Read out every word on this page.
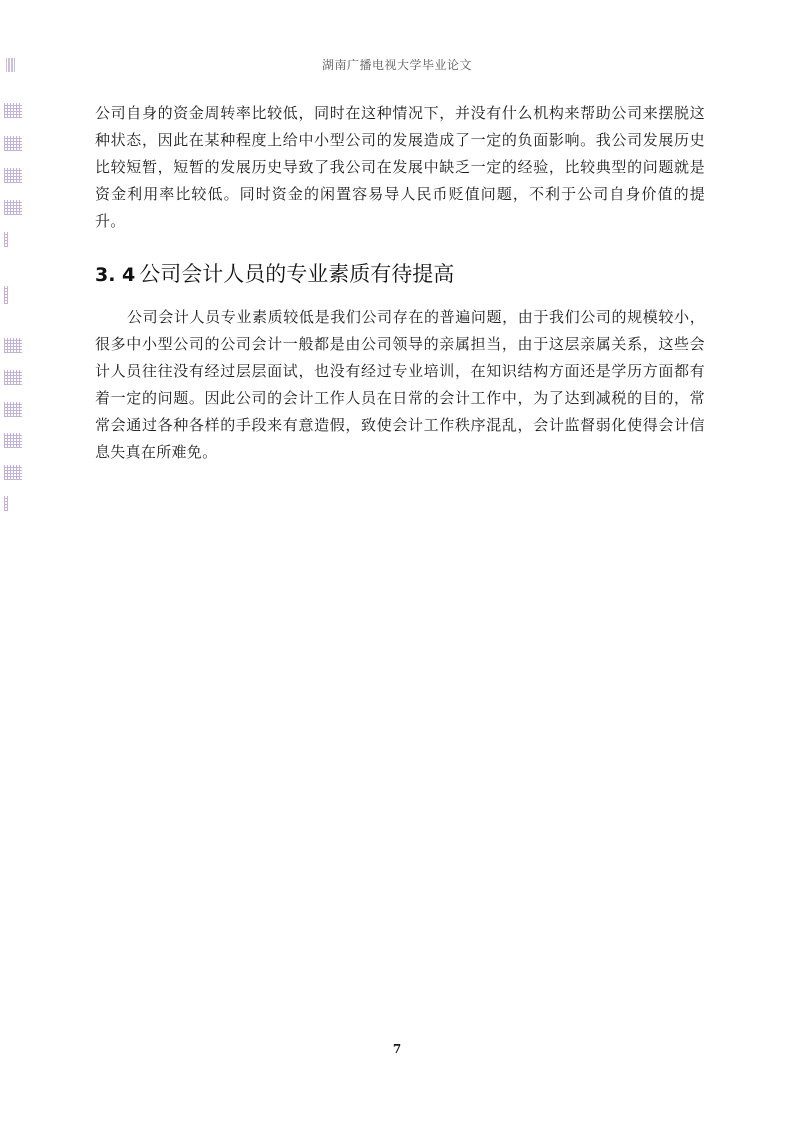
湖南广播电视大学毕业论文

公司自身的资金周转率比较低，同时在这种情况下，并没有什么机构来帮助公司来摆脱这种状态，因此在某种程度上给中小型公司的发展造成了一定的负面影响。我公司发展历史比较短暂，短暂的发展历史导致了我公司在发展中缺乏一定的经验，比较典型的问题就是资金利用率比较低。同时资金的闲置容易导人民币贬值问题，不利于公司自身价值的提升。

3. 4 公司会计人员的专业素质有待提高

公司会计人员专业素质较低是我们公司存在的普遍问题，由于我们公司的规模较小，很多中小型公司的公司会计一般都是由公司领导的亲属担当，由于这层亲属关系，这些会计人员往往没有经过层层面试，也没有经过专业培训，在知识结构方面还是学历方面都有着一定的问题。因此公司的会计工作人员在日常的会计工作中，为了达到减税的目的，常常会通过各种各样的手段来有意造假，致使会计工作秩序混乱，会计监督弱化使得会计信息失真在所难免。

7
